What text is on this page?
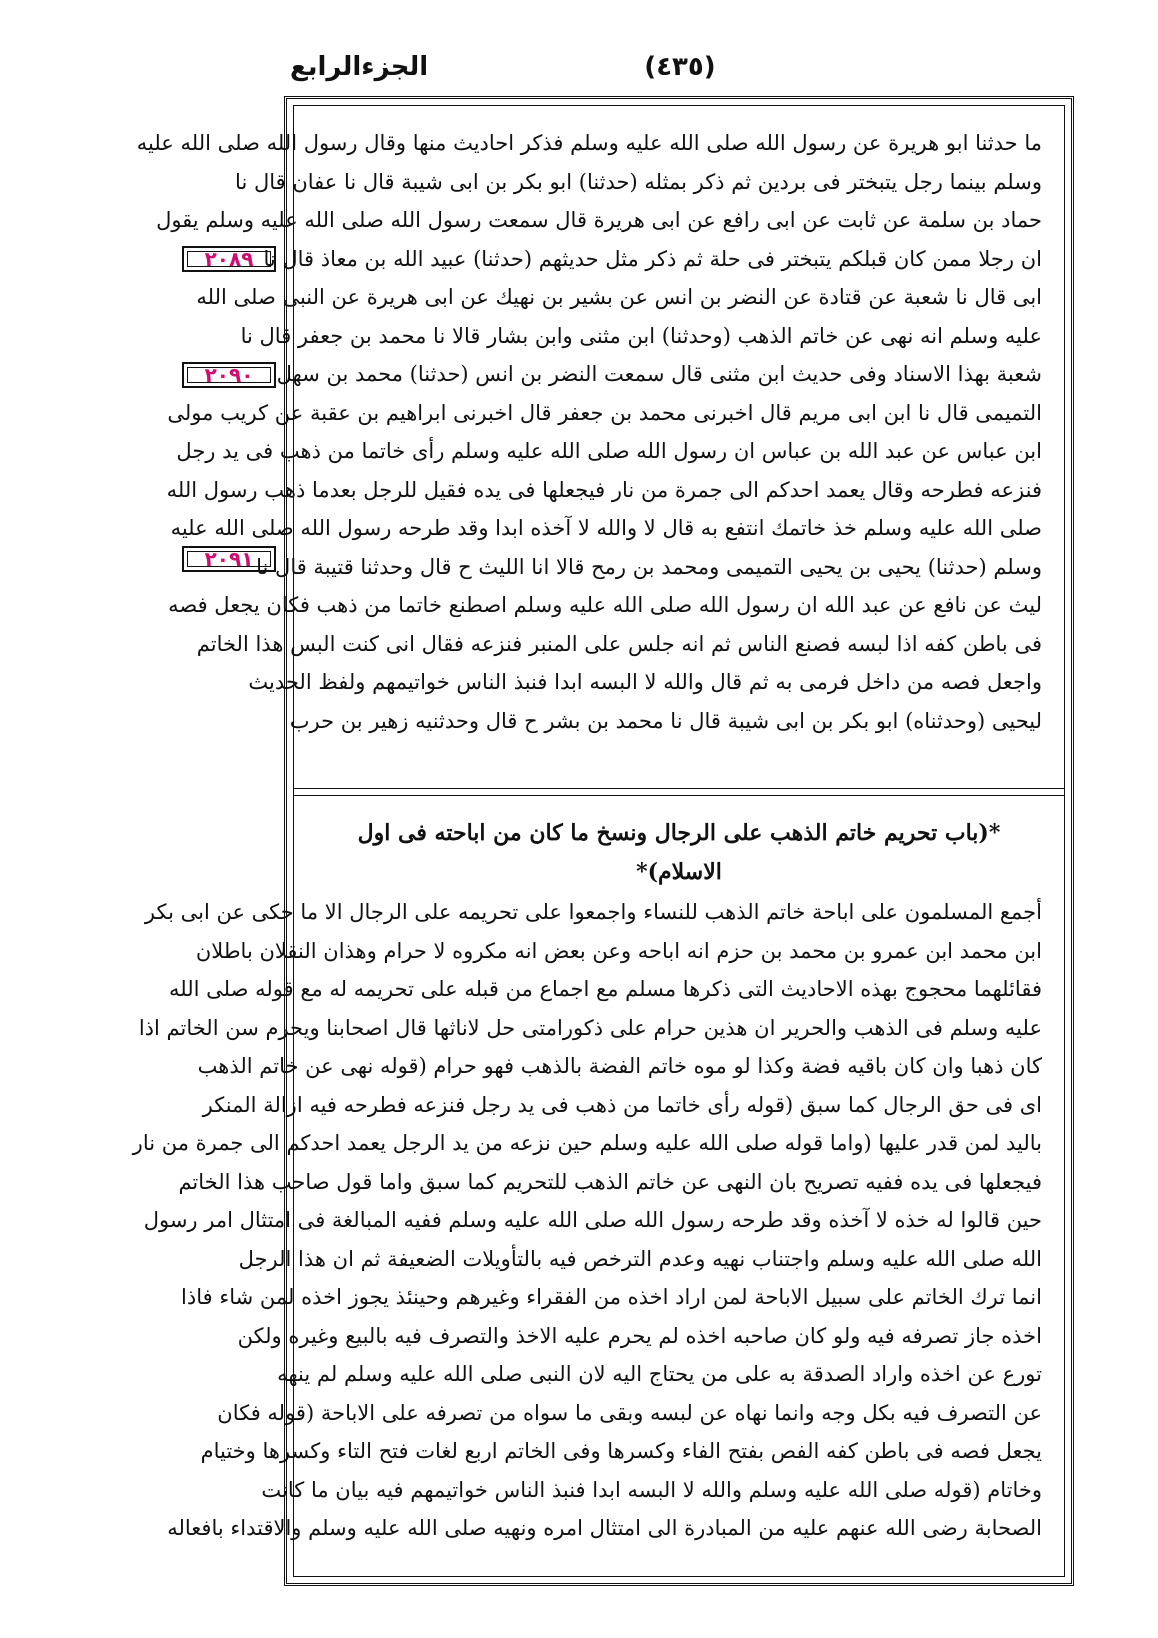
الجزءالرابع	(٤٣٥)
٢٠٨٩
٢٠٩٠
٢٠٩١
ما حدثنا ابو هريرة عن رسول الله صلى الله عليه وسلم فذكر احاديث منها وقال رسول الله صلى الله عليه
وسلم بينما رجل يتبختر فى بردين ثم ذكر بمثله (حدثنا) ابو بكر بن ابى شيبة قال نا عفان قال نا
حماد بن سلمة عن ثابت عن ابى رافع عن ابى هريرة قال سمعت رسول الله صلى الله عليه وسلم يقول
ان رجلا ممن كان قبلكم يتبختر فى حلة ثم ذكر مثل حديثهم (حدثنا) عبيد الله بن معاذ قال نا
ابى قال نا شعبة عن قتادة عن النضر بن انس عن بشير بن نهيك عن ابى هريرة عن النبى صلى الله
عليه وسلم انه نهى عن خاتم الذهب (وحدثنا) ابن مثنى وابن بشار قالا نا محمد بن جعفر قال نا
شعبة بهذا الاسناد وفى حديث ابن مثنى قال سمعت النضر بن انس (حدثنا) محمد بن سهل
التميمى قال نا ابن ابى مريم قال اخبرنى محمد بن جعفر قال اخبرنى ابراهيم بن عقبة عن كريب مولى
ابن عباس عن عبد الله بن عباس ان رسول الله صلى الله عليه وسلم رأى خاتما من ذهب فى يد رجل
فنزعه فطرحه وقال يعمد احدكم الى جمرة من نار فيجعلها فى يده فقيل للرجل بعدما ذهب رسول الله
صلى الله عليه وسلم خذ خاتمك انتفع به قال لا والله لا آخذه ابدا وقد طرحه رسول الله صلى الله عليه
وسلم (حدثنا) يحيى بن يحيى التميمى ومحمد بن رمح قالا انا الليث ح قال وحدثنا قتيبة قال نا
ليث عن نافع عن عبد الله ان رسول الله صلى الله عليه وسلم اصطنع خاتما من ذهب فكان يجعل فصه
فى باطن كفه اذا لبسه فصنع الناس ثم انه جلس على المنبر فنزعه فقال انى كنت البس هذا الخاتم
واجعل فصه من داخل فرمى به ثم قال والله لا البسه ابدا فنبذ الناس خواتيمهم ولفظ الحديث
ليحيى (وحدثناه) ابو بكر بن ابى شيبة قال نا محمد بن بشر ح قال وحدثنيه زهير بن حرب
*(باب تحريم خاتم الذهب على الرجال ونسخ ما كان من اباحته فى اول الاسلام)*
أجمع المسلمون على اباحة خاتم الذهب للنساء واجمعوا على تحريمه على الرجال الا ما حكى عن ابى بكر
ابن محمد ابن عمرو بن محمد بن حزم انه اباحه وعن بعض انه مكروه لا حرام وهذان النقلان باطلان
فقائلهما محجوج بهذه الاحاديث التى ذكرها مسلم مع اجماع من قبله على تحريمه له مع قوله صلى الله
عليه وسلم فى الذهب والحرير ان هذين حرام على ذكورامتى حل لاناثها قال اصحابنا ويحرم سن الخاتم اذا
كان ذهبا وان كان باقيه فضة وكذا لو موه خاتم الفضة بالذهب فهو حرام (قوله نهى عن خاتم الذهب
اى فى حق الرجال كما سبق (قوله رأى خاتما من ذهب فى يد رجل فنزعه فطرحه فيه ازالة المنكر
باليد لمن قدر عليها (واما قوله صلى الله عليه وسلم حين نزعه من يد الرجل يعمد احدكم الى جمرة من نار
فيجعلها فى يده ففيه تصريح بان النهى عن خاتم الذهب للتحريم كما سبق واما قول صاحب هذا الخاتم
حين قالوا له خذه لا آخذه وقد طرحه رسول الله صلى الله عليه وسلم ففيه المبالغة فى امتثال امر رسول
الله صلى الله عليه وسلم واجتناب نهيه وعدم الترخص فيه بالتأويلات الضعيفة ثم ان هذا الرجل
انما ترك الخاتم على سبيل الاباحة لمن اراد اخذه من الفقراء وغيرهم وحينئذ يجوز اخذه لمن شاء فاذا
اخذه جاز تصرفه فيه ولو كان صاحبه اخذه لم يحرم عليه الاخذ والتصرف فيه بالبيع وغيره ولكن
تورع عن اخذه واراد الصدقة به على من يحتاج اليه لان النبى صلى الله عليه وسلم لم ينهه
عن التصرف فيه بكل وجه وانما نهاه عن لبسه وبقى ما سواه من تصرفه على الاباحة (قوله فكان
يجعل فصه فى باطن كفه الفص بفتح الفاء وكسرها وفى الخاتم اربع لغات فتح التاء وكسرها وختيام
وخاتام (قوله صلى الله عليه وسلم والله لا البسه ابدا فنبذ الناس خواتيمهم فيه بيان ما كانت
الصحابة رضى الله عنهم عليه من المبادرة الى امتثال امره ونهيه صلى الله عليه وسلم والاقتداء بافعاله
